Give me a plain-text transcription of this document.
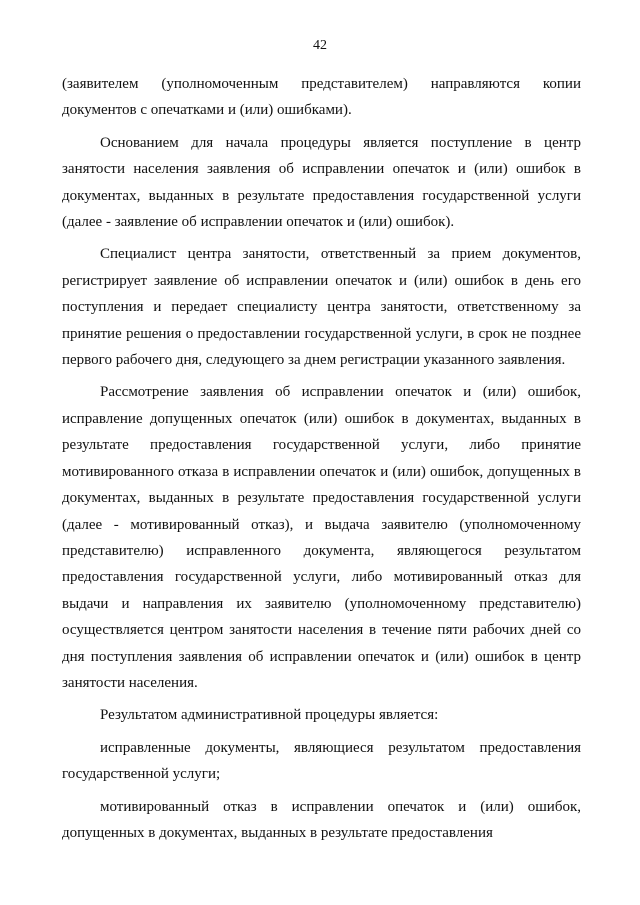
42

(заявителем (уполномоченным представителем) направляются копии документов с опечатками и (или) ошибками).

Основанием для начала процедуры является поступление в центр занятости населения заявления об исправлении опечаток и (или) ошибок в документах, выданных в результате предоставления государственной услуги (далее - заявление об исправлении опечаток и (или) ошибок).

Специалист центра занятости, ответственный за прием документов, регистрирует заявление об исправлении опечаток и (или) ошибок в день его поступления и передает специалисту центра занятости, ответственному за принятие решения о предоставлении государственной услуги, в срок не позднее первого рабочего дня, следующего за днем регистрации указанного заявления.

Рассмотрение заявления об исправлении опечаток и (или) ошибок, исправление допущенных опечаток (или) ошибок в документах, выданных в результате предоставления государственной услуги, либо принятие мотивированного отказа в исправлении опечаток и (или) ошибок, допущенных в документах, выданных в результате предоставления государственной услуги (далее - мотивированный отказ), и выдача заявителю (уполномоченному представителю) исправленного документа, являющегося результатом предоставления государственной услуги, либо мотивированный отказ для выдачи и направления их заявителю (уполномоченному представителю) осуществляется центром занятости населения в течение пяти рабочих дней со дня поступления заявления об исправлении опечаток и (или) ошибок в центр занятости населения.

Результатом административной процедуры является:

исправленные документы, являющиеся результатом предоставления государственной услуги;

мотивированный отказ в исправлении опечаток и (или) ошибок, допущенных в документах, выданных в результате предоставления
